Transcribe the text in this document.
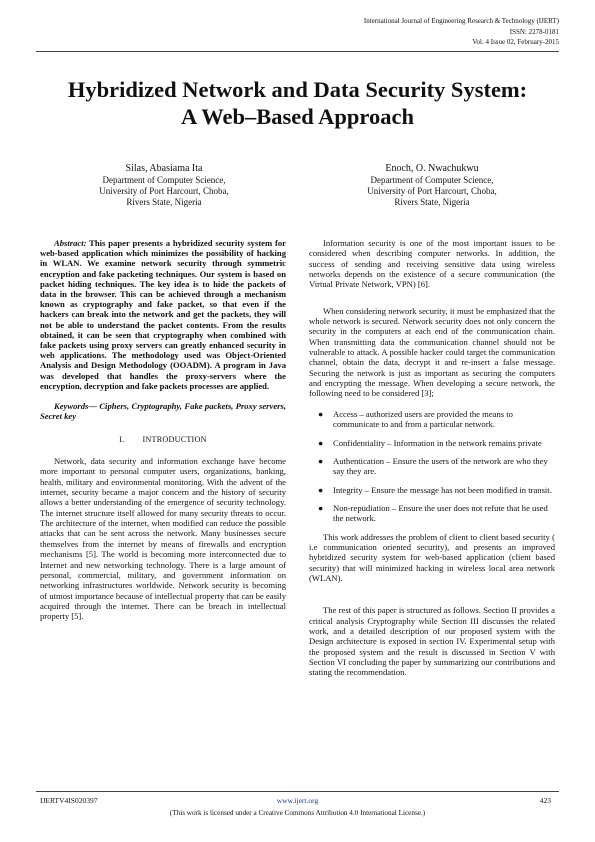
International Journal of Engineering Research & Technology (IJERT)
ISSN: 2278-0181
Vol. 4 Issue 02, February-2015
Hybridized Network and Data Security System:
A Web–Based Approach
Silas, Abasiama Ita
Department of Computer Science,
University of Port Harcourt, Choba,
Rivers State, Nigeria
Enoch, O. Nwachukwu
Department of Computer Science,
University of Port Harcourt, Choba,
Rivers State, Nigeria

Abstract: This paper presents a hybridized security system for web-based application which minimizes the possibility of hacking in WLAN. We examine network security through symmetric encryption and fake packeting techniques. Our system is based on packet hiding techniques. The key idea is to hide the packets of data in the browser. This can be achieved through a mechanism known as cryptography and fake packet, so that even if the hackers can break into the network and get the packets, they will not be able to understand the packet contents. From the results obtained, it can be seen that cryptography when combined with fake packets using proxy servers can greatly enhanced security in web applications. The methodology used was Object-Oriented Analysis and Design Methodology (OOADM). A program in Java was developed that handles the proxy-servers where the encryption, decryption and fake packets processes are applied.

Keywords— Ciphers, Cryptography, Fake packets, Proxy servers, Secret key

I. INTRODUCTION

Network, data security and information exchange have become more important to personal computer users, organizations, banking, health, military and environmental monitoring. With the advent of the internet, security became a major concern and the history of security allows a better understanding of the emergence of security technology. The internet structure itself allowed for many security threats to occur. The architecture of the internet, when modified can reduce the possible attacks that can be sent across the network. Many businesses secure themselves from the internet by means of firewalls and encryption mechanisms [5]. The world is becoming more interconnected due to Internet and new networking technology. There is a large amount of personal, commercial, military, and government information on networking infrastructures worldwide. Network security is becoming of utmost importance because of intellectual property that can be easily acquired through the internet. There can be breach in intellectual property [5].

Information security is one of the most important issues to be considered when describing computer networks. In addition, the success of sending and receiving sensitive data using wireless networks depends on the existence of a secure communication (the Virtual Private Network, VPN) [6].

When considering network security, it must be emphasized that the whole network is secured. Network security does not only concern the security in the computers at each end of the communication chain. When transmitting data the communication channel should not be vulnerable to attack. A possible hacker could target the communication channel, obtain the data, decrypt it and re-insert a false message. Securing the network is just as important as securing the computers and encrypting the message. When developing a secure network, the following need to be considered [3];

● Access – authorized users are provided the means to communicate to and from a particular network.
● Confidentiality – Information in the network remains private
● Authentication – Ensure the users of the network are who they say they are.
● Integrity – Ensure the message has not been modified in transit.
● Non-repudiation – Ensure the user does not refute that he used the network.

This work addresses the problem of client to client based security ( i.e communication oriented security), and presents an improved hybridized security system for web-based application (client based security) that will minimized hacking in wireless local area network (WLAN).

The rest of this paper is structured as follows. Section II provides a critical analysis Cryptography while Section III discusses the related work, and a detailed description of our proposed system with the Design architecture is exposed in section IV. Experimental setup with the proposed system and the result is discussed in Section V with Section VI concluding the paper by summarizing our contributions and stating the recommendation.

IJERTV4IS020397	www.ijert.org	423
(This work is licensed under a Creative Commons Attribution 4.0 International License.)
